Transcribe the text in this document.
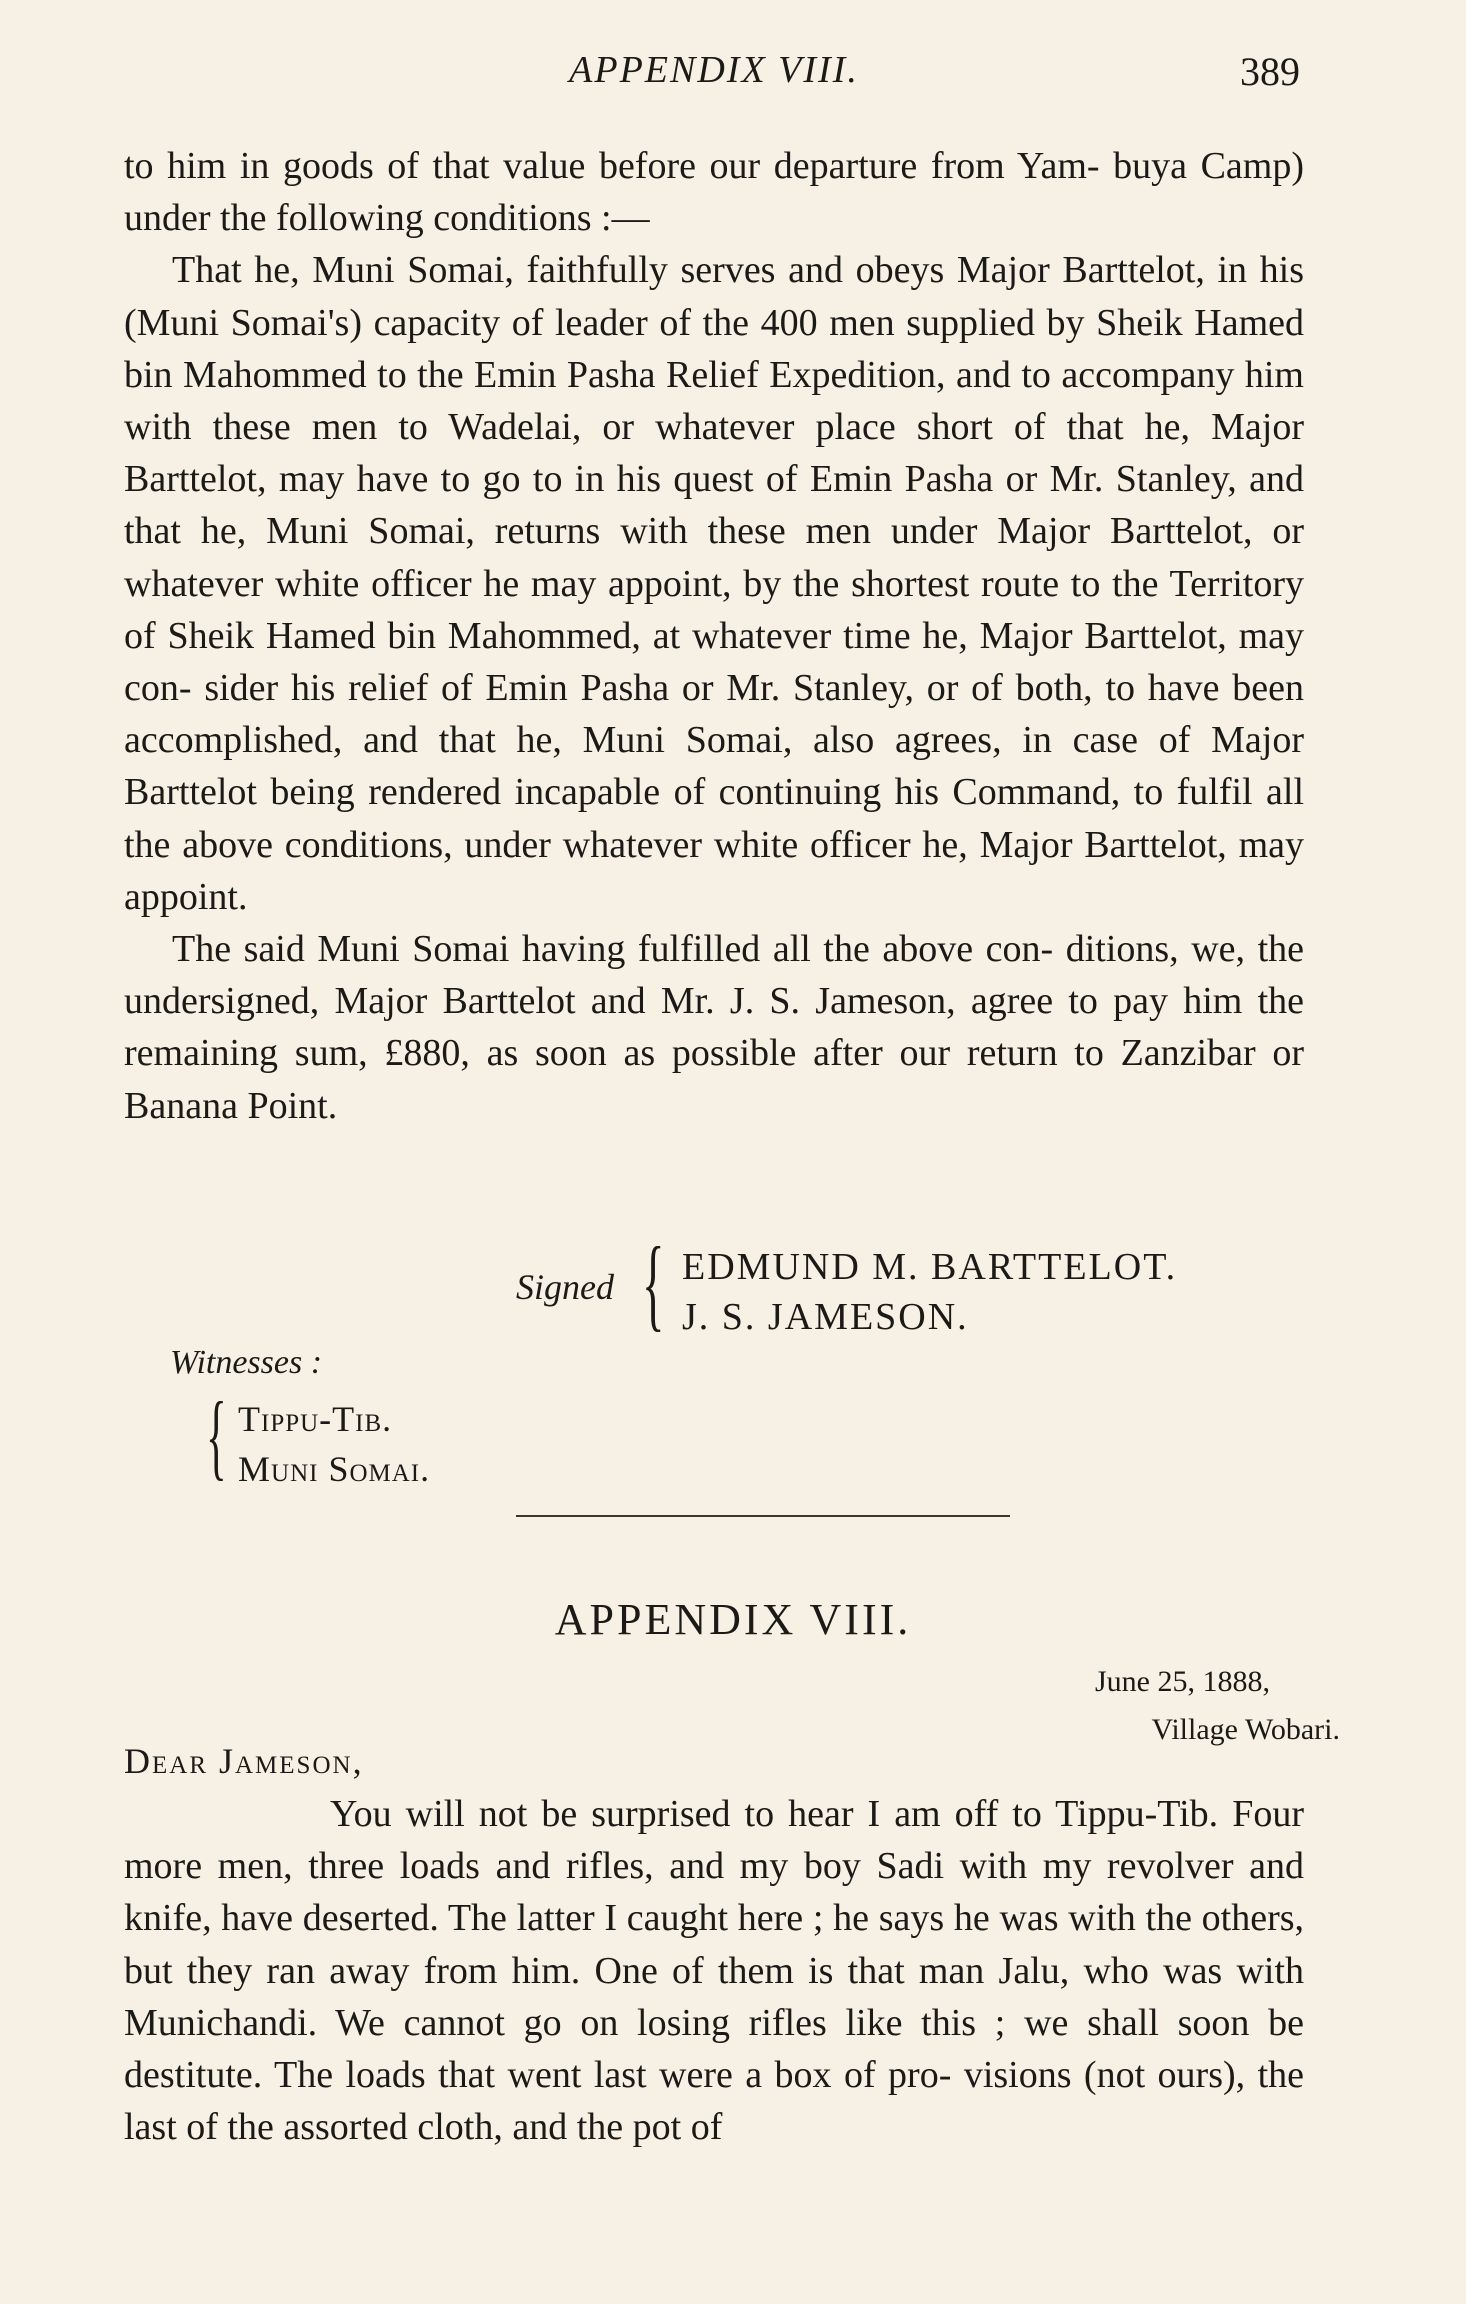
APPENDIX VIII.	389

to him in goods of that value before our departure from Yam- buya Camp) under the following conditions :—

That he, Muni Somai, faithfully serves and obeys Major Barttelot, in his (Muni Somai's) capacity of leader of the 400 men supplied by Sheik Hamed bin Mahommed to the Emin Pasha Relief Expedition, and to accompany him with these men to Wadelai, or whatever place short of that he, Major Barttelot, may have to go to in his quest of Emin Pasha or Mr. Stanley, and that he, Muni Somai, returns with these men under Major Barttelot, or whatever white officer he may appoint, by the shortest route to the Territory of Sheik Hamed bin Mahommed, at whatever time he, Major Barttelot, may con- sider his relief of Emin Pasha or Mr. Stanley, or of both, to have been accomplished, and that he, Muni Somai, also agrees, in case of Major Barttelot being rendered incapable of continuing his Command, to fulfil all the above conditions, under whatever white officer he, Major Barttelot, may appoint.

The said Muni Somai having fulfilled all the above con- ditions, we, the undersigned, Major Barttelot and Mr. J. S. Jameson, agree to pay him the remaining sum, £880, as soon as possible after our return to Zanzibar or Banana Point.

Signed { EDMUND M. BARTTELOT.
J. S. JAMESON.
Witnesses :
{ Tippu-Tib.
Muni Somai.
APPENDIX VIII.
June 25, 1888,
Village Wobari.
Dear Jameson,

You will not be surprised to hear I am off to Tippu-Tib. Four more men, three loads and rifles, and my boy Sadi with my revolver and knife, have deserted. The latter I caught here ; he says he was with the others, but they ran away from him. One of them is that man Jalu, who was with Munichandi. We cannot go on losing rifles like this ; we shall soon be destitute. The loads that went last were a box of pro- visions (not ours), the last of the assorted cloth, and the pot of
